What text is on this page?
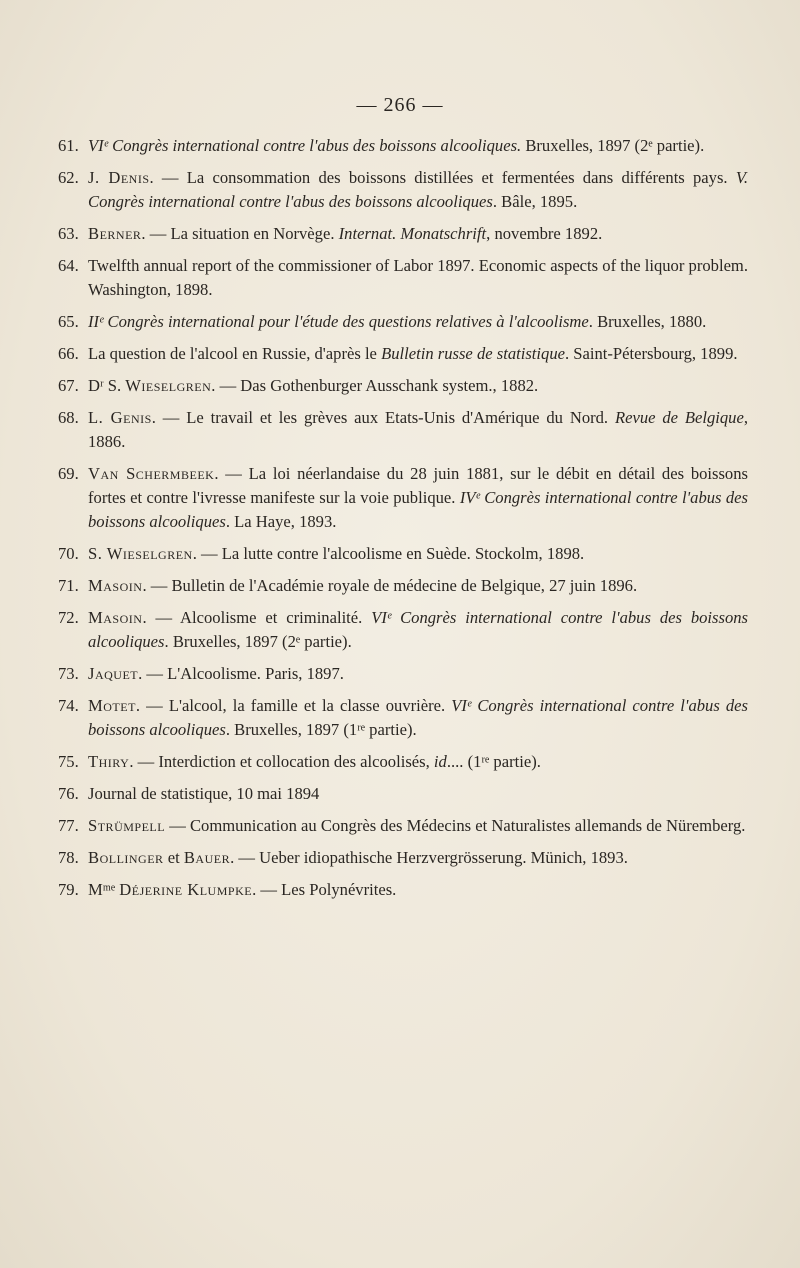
— 266 —
61. VIᵉ Congrès international contre l'abus des boissons alcooliques. Bruxelles, 1897 (2ᵉ partie).
62. J. Denis. — La consommation des boissons distillées et fermentées dans différents pays. V. Congrès international contre l'abus des boissons alcooliques. Bâle, 1895.
63. Berner. — La situation en Norvège. Internat. Monatschrift, novembre 1892.
64. Twelfth annual report of the commissioner of Labor 1897. Economic aspects of the liquor problem. Washington, 1898.
65. IIᵉ Congrès international pour l'étude des questions relatives à l'alcoolisme. Bruxelles, 1880.
66. La question de l'alcool en Russie, d'après le Bulletin russe de statistique. Saint-Pétersbourg, 1899.
67. Dʳ S. Wieselgren. — Das Gothenburger Ausschank system., 1882.
68. L. Genis. — Le travail et les grèves aux Etats-Unis d'Amérique du Nord. Revue de Belgique, 1886.
69. Van Schermbeek. — La loi néerlandaise du 28 juin 1881, sur le débit en détail des boissons fortes et contre l'ivresse manifeste sur la voie publique. IVᵉ Congrès international contre l'abus des boissons alcooliques. La Haye, 1893.
70. S. Wieselgren. — La lutte contre l'alcoolisme en Suède. Stockolm, 1898.
71. Masoin. — Bulletin de l'Académie royale de médecine de Belgique, 27 juin 1896.
72. Masoin. — Alcoolisme et criminalité. VIᵉ Congrès international contre l'abus des boissons alcooliques. Bruxelles, 1897 (2ᵉ partie).
73. Jaquet. — L'Alcoolisme. Paris, 1897.
74. Motet. — L'alcool, la famille et la classe ouvrière. VIᵉ Congrès international contre l'abus des boissons alcooliques. Bruxelles, 1897 (1ʳᵉ partie).
75. Thiry. — Interdiction et collocation des alcoolisés, id.... (1ʳᵉ partie).
76. Journal de statistique, 10 mai 1894
77. Strümpell — Communication au Congrès des Médecins et Naturalistes allemands de Nüremberg.
78. Bollinger et Bauer. — Ueber idiopathische Herzvergrösserung. Münich, 1893.
79. Mᵐᵉ Déjerine Klumpke. — Les Polynévrites.
